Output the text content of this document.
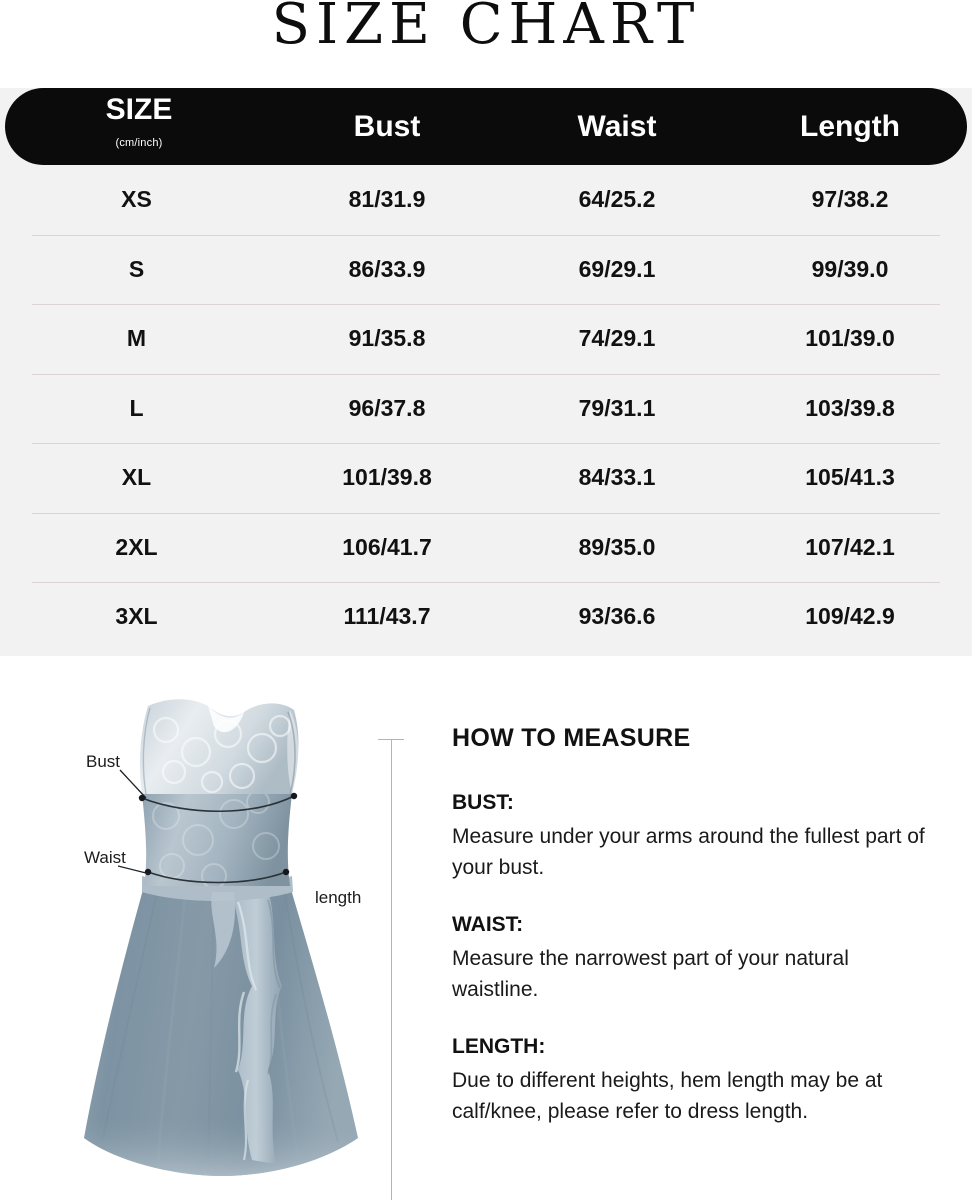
SIZE CHART
SIZE
(cm/inch)
Bust	Waist	Length
XS	81/31.9	64/25.2	97/38.2
S	86/33.9	69/29.1	99/39.0
M	91/35.8	74/29.1	101/39.0
L	96/37.8	79/31.1	103/39.8
XL	101/39.8	84/33.1	105/41.3
2XL	106/41.7	89/35.0	107/42.1
3XL	111/43.7	93/36.6	109/42.9
Bust
Waist
length
HOW TO MEASURE
BUST:
Measure under your arms around the fullest part of your bust.
WAIST:
Measure the narrowest part of your natural waistline.
LENGTH:
Due to different heights, hem length may be at calf/knee, please refer to dress length.
